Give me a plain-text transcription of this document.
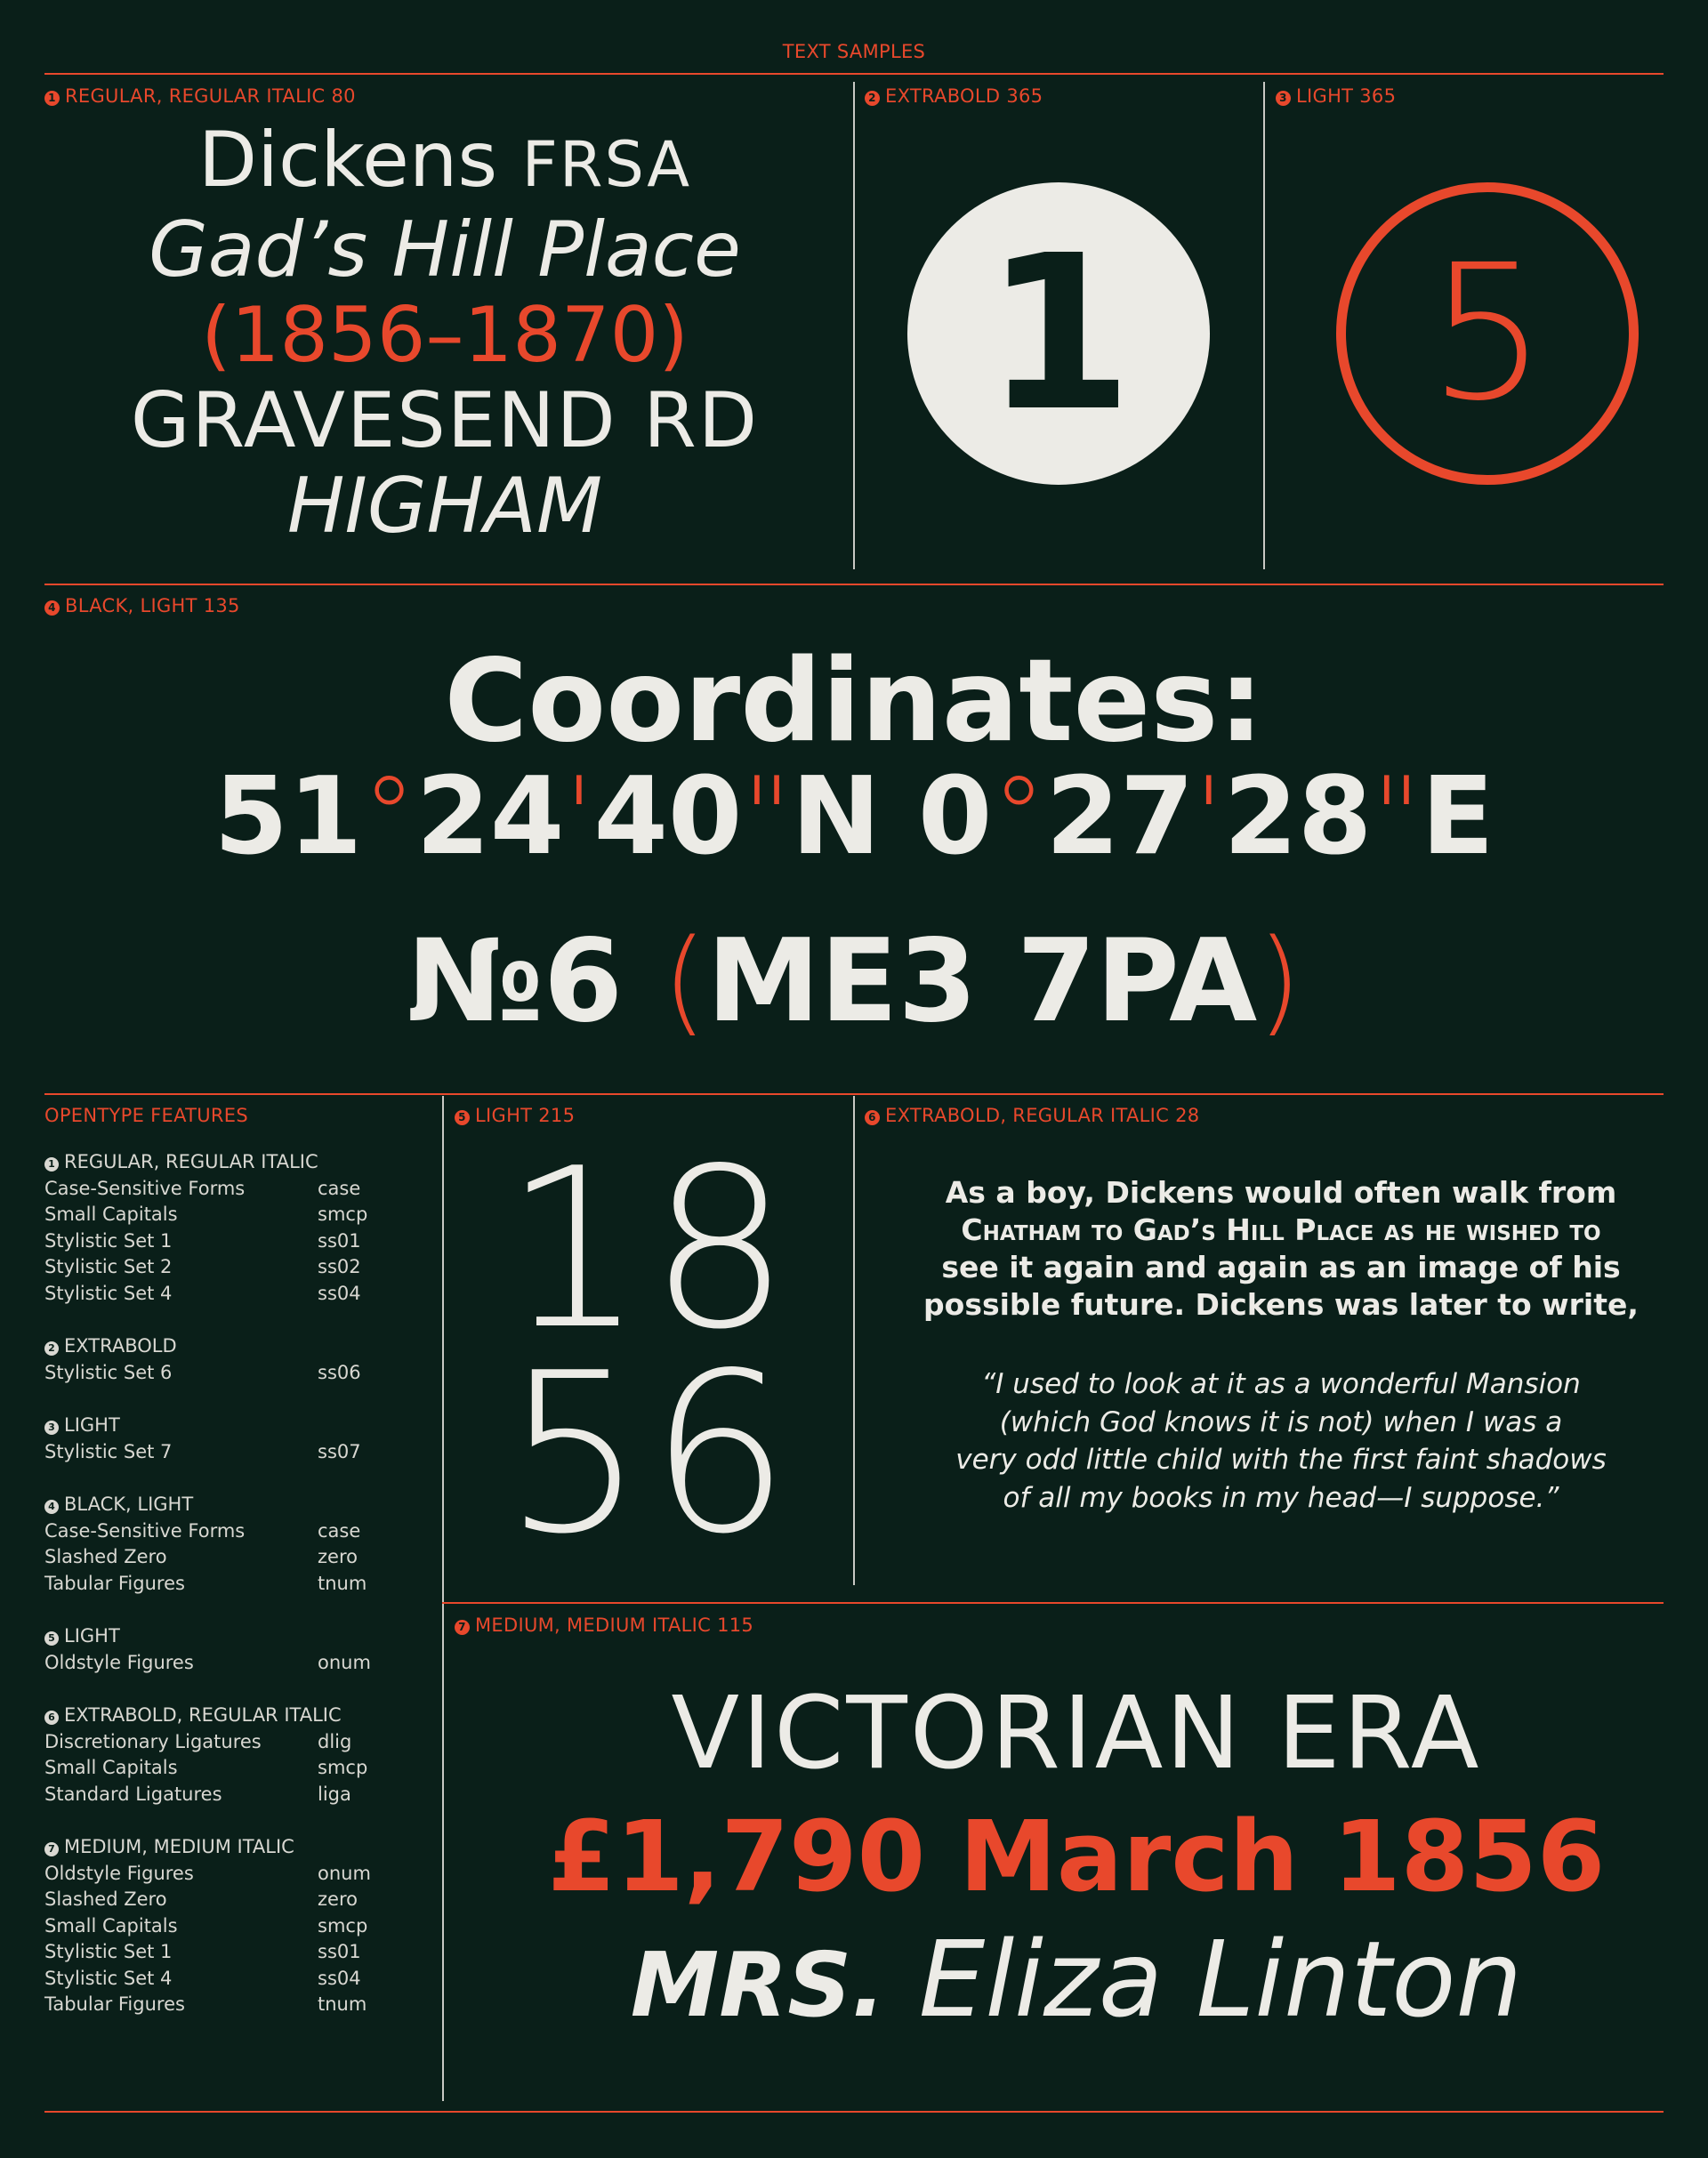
TEXT SAMPLES
1 REGULAR, REGULAR ITALIC 80
Dickens FRSA
Gad’s Hill Place
(1856–1870)
GRAVESEND RD
HIGHAM
2 EXTRABOLD 365
1
3 LIGHT 365
5
4 BLACK, LIGHT 135
Coordinates:
51°24'40"N 0°27'28"E
№6 (ME3 7PA)
OPENTYPE FEATURES
1 REGULAR, REGULAR ITALIC
Case-Sensitive Forms	case
Small Capitals	smcp
Stylistic Set 1	ss01
Stylistic Set 2	ss02
Stylistic Set 4	ss04
2 EXTRABOLD
Stylistic Set 6	ss06
3 LIGHT
Stylistic Set 7	ss07
4 BLACK, LIGHT
Case-Sensitive Forms	case
Slashed Zero	zero
Tabular Figures	tnum
5 LIGHT
Oldstyle Figures	onum
6 EXTRABOLD, REGULAR ITALIC
Discretionary Ligatures	dlig
Small Capitals	smcp
Standard Ligatures	liga
7 MEDIUM, MEDIUM ITALIC
Oldstyle Figures	onum
Slashed Zero	zero
Small Capitals	smcp
Stylistic Set 1	ss01
Stylistic Set 4	ss04
Tabular Figures	tnum
5 LIGHT 215
18
56
6 EXTRABOLD, REGULAR ITALIC 28
As a boy, Dickens would often walk from
Chatham to Gad’s Hill Place as he wished to
see it again and again as an image of his
possible future. Dickens was later to write,
“I used to look at it as a wonderful Mansion
(which God knows it is not) when I was a
very odd little child with the first faint shadows
of all my books in my head—I suppose.”
7 MEDIUM, MEDIUM ITALIC 115
VICTORIAN ERA
£1,790 March 1856
MRS. Eliza Linton
